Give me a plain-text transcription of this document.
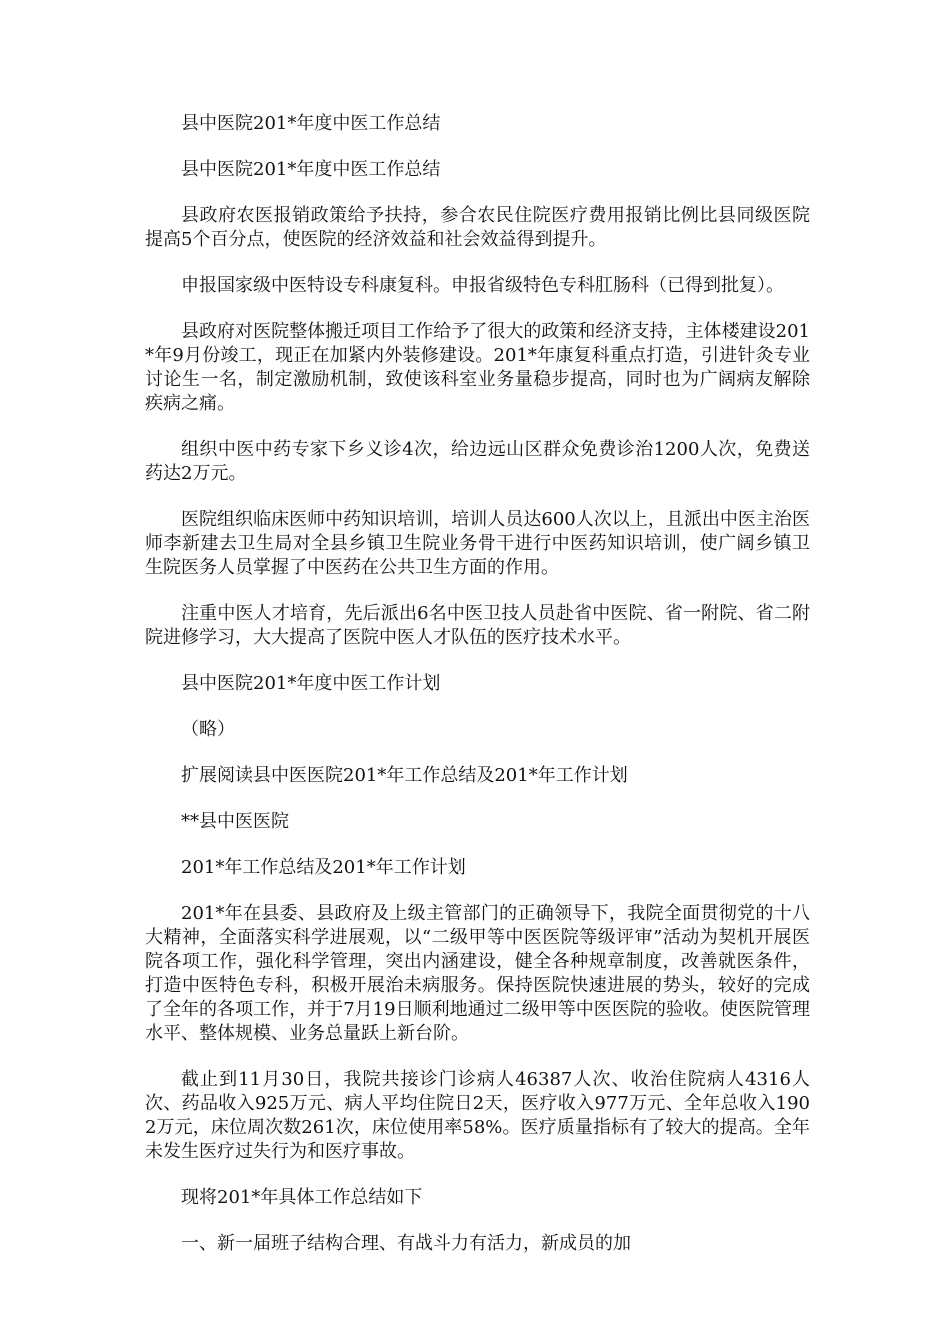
县中医院201*年度中医工作总结

县中医院201*年度中医工作总结

县政府农医报销政策给予扶持，参合农民住院医疗费用报销比例比县同级医院提高5个百分点，使医院的经济效益和社会效益得到提升。

申报国家级中医特设专科康复科。申报省级特色专科肛肠科（已得到批复）。

县政府对医院整体搬迁项目工作给予了很大的政策和经济支持，主体楼建设201*年9月份竣工，现正在加紧内外装修建设。201*年康复科重点打造，引进针灸专业讨论生一名，制定激励机制，致使该科室业务量稳步提高，同时也为广阔病友解除疾病之痛。

组织中医中药专家下乡义诊4次，给边远山区群众免费诊治1200人次，免费送药达2万元。

医院组织临床医师中药知识培训，培训人员达600人次以上，且派出中医主治医师李新建去卫生局对全县乡镇卫生院业务骨干进行中医药知识培训，使广阔乡镇卫生院医务人员掌握了中医药在公共卫生方面的作用。

注重中医人才培育，先后派出6名中医卫技人员赴省中医院、省一附院、省二附院进修学习，大大提高了医院中医人才队伍的医疗技术水平。

县中医院201*年度中医工作计划

（略）

扩展阅读县中医医院201*年工作总结及201*年工作计划

**县中医医院

201*年工作总结及201*年工作计划

201*年在县委、县政府及上级主管部门的正确领导下，我院全面贯彻党的十八大精神，全面落实科学进展观，以“二级甲等中医医院等级评审”活动为契机开展医院各项工作，强化科学管理，突出内涵建设，健全各种规章制度，改善就医条件，打造中医特色专科，积极开展治未病服务。保持医院快速进展的势头，较好的完成了全年的各项工作，并于7月19日顺利地通过二级甲等中医医院的验收。使医院管理水平、整体规模、业务总量跃上新台阶。

截止到11月30日，我院共接诊门诊病人46387人次、收治住院病人4316人次、药品收入925万元、病人平均住院日2天，医疗收入977万元、全年总收入1902万元，床位周次数261次，床位使用率58%。医疗质量指标有了较大的提高。全年未发生医疗过失行为和医疗事故。

现将201*年具体工作总结如下

一、新一届班子结构合理、有战斗力有活力，新成员的加
